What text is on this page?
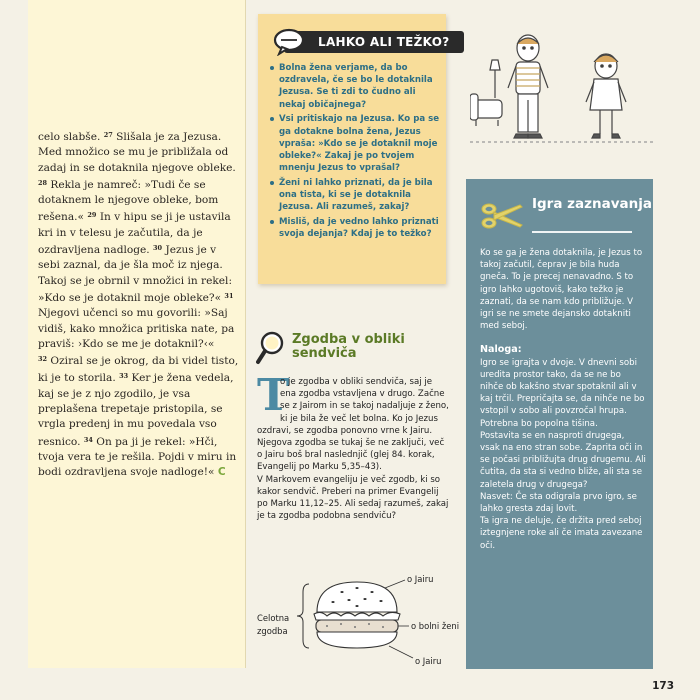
celo slabše. $^{27}$ Slišala je za Jezusa. Med množico se mu je približala od zadaj in se dotaknila njegove obleke. $^{28}$ Rekla je namreč: »Tudi če se dotaknem le njegove obleke, bom rešena.« $^{29}$ In v hipu se ji je ustavila kri in v telesu je začutila, da je ozdravljena nadloge. $^{30}$ Jezus je v sebi zaznal, da je šla moč iz njega. Takoj se je obrnil v množici in rekel: »Kdo se je dotaknil moje obleke?« $^{31}$ Njegovi učenci so mu govorili: »Saj vidiš, kako množica pritiska nate, pa praviš: ›Kdo se me je dotaknil?‹«
$^{32}$ Oziral se je okrog, da bi videl tisto, ki je to storila. $^{33}$ Ker je žena vedela, kaj se je z njo zgodilo, je vsa preplašena trepetaje pristopila, se vrgla predenj in mu povedala vso resnico. $^{34}$ On pa ji je rekel: »Hči, tvoja vera te je rešila. Pojdi v miru in bodi ozdravljena svoje nadloge!« C
LAHKO ALI TEŽKO?
Bolna žena verjame, da bo ozdravela, če se bo le dotaknila Jezusa. Se ti zdi to čudno ali nekaj običajnega?
Vsi pritiskajo na Jezusa. Ko pa se ga dotakne bolna žena, Jezus vpraša: »Kdo se je dotaknil moje obleke?« Zakaj je po tvojem mnenju Jezus to vprašal?
Ženi ni lahko priznati, da je bila ona tista, ki se je dotaknila Jezusa. Ali razumeš, zakaj?
Misliš, da je vedno lahko priznati svoja dejanja? Kdaj je to težko?
Zgodba v obliki sendviča
T

o je zgodba v obliki sendviča, saj je ena zgodba vstavljena v drugo. Začne se z Jairom in se takoj nadaljuje z ženo, ki je bila že več let bolna. Ko jo Jezus ozdravi, se zgodba ponovno vrne k Jairu. Njegova zgodba se tukaj še ne zaključi, več o Jairu boš bral naslednjič (glej 84. korak, Evangelij po Marku 5,35–43).

V Markovem evangeliju je več zgodb, ki so kakor sendvič. Preberi na primer Evangelij po Marku 11,12–25. Ali sedaj razumeš, zakaj je ta zgodba podobna sendviču?

o Jairu
o bolni ženi
o Jairu
Celotna zgodba
Igra zaznavanja

Ko se ga je žena dotaknila, je Jezus to takoj začutil, čeprav je bila huda gneča. To je precej nenavadno. S to igro lahko ugotoviš, kako težko je zaznati, da se nam kdo približuje. V igri se ne smete dejansko dotakniti med seboj.

Naloga:

Igro se igrajta v dvoje. V dnevni sobi uredita prostor tako, da se ne bo nihče ob kakšno stvar spotaknil ali v kaj trčil. Prepričajta se, da nihče ne bo vstopil v sobo ali povzročal hrupa. Potrebna bo popolna tišina.

Postavita se en nasproti drugega, vsak na eno stran sobe. Zaprita oči in se počasi približujta drug drugemu. Ali čutita, da sta si vedno bliže, ali sta se zaletela drug v drugega?

Nasvet: Če sta odigrala prvo igro, se lahko gresta zdaj lovit.

Ta igra ne deluje, če držita pred seboj iztegnjene roke ali če imata zavezane oči.

173
